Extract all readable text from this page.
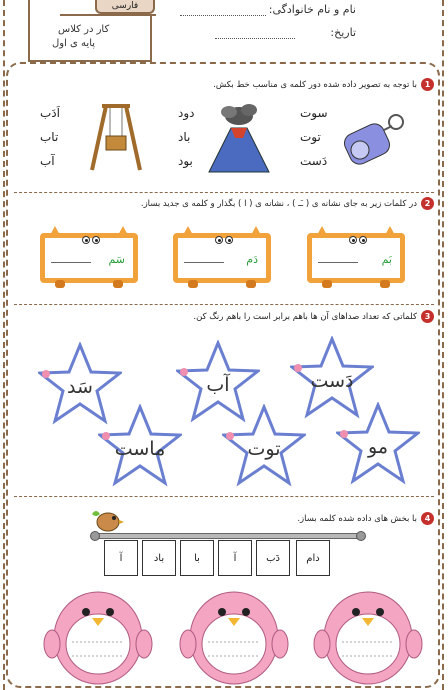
فارسی	نام و نام خانوادگی:
تاریخ:
کار در کلاس
پایه ی اول
1
با توجه به تصویر داده شده دور کلمه ی مناسب خط بکش.
سوت
توت
دَست
دود
باد
بود
اَدَب
تاب
آب
2
در کلمات زیر به جای نشانه ی ( ـَـ ) ، نشانه ی ( ا ) بگذار و کلمه ی جدید بساز.
بَم
دَم
سَم
3
کلماتی که تعداد صداهای آن ها باهم برابر است را باهم رنگ کن.
دَست
آب
سَد
مو
توت
ماست
4
با بخش های داده شده کلمه بساز.
دام
دَب
آ
با
باد
آ
